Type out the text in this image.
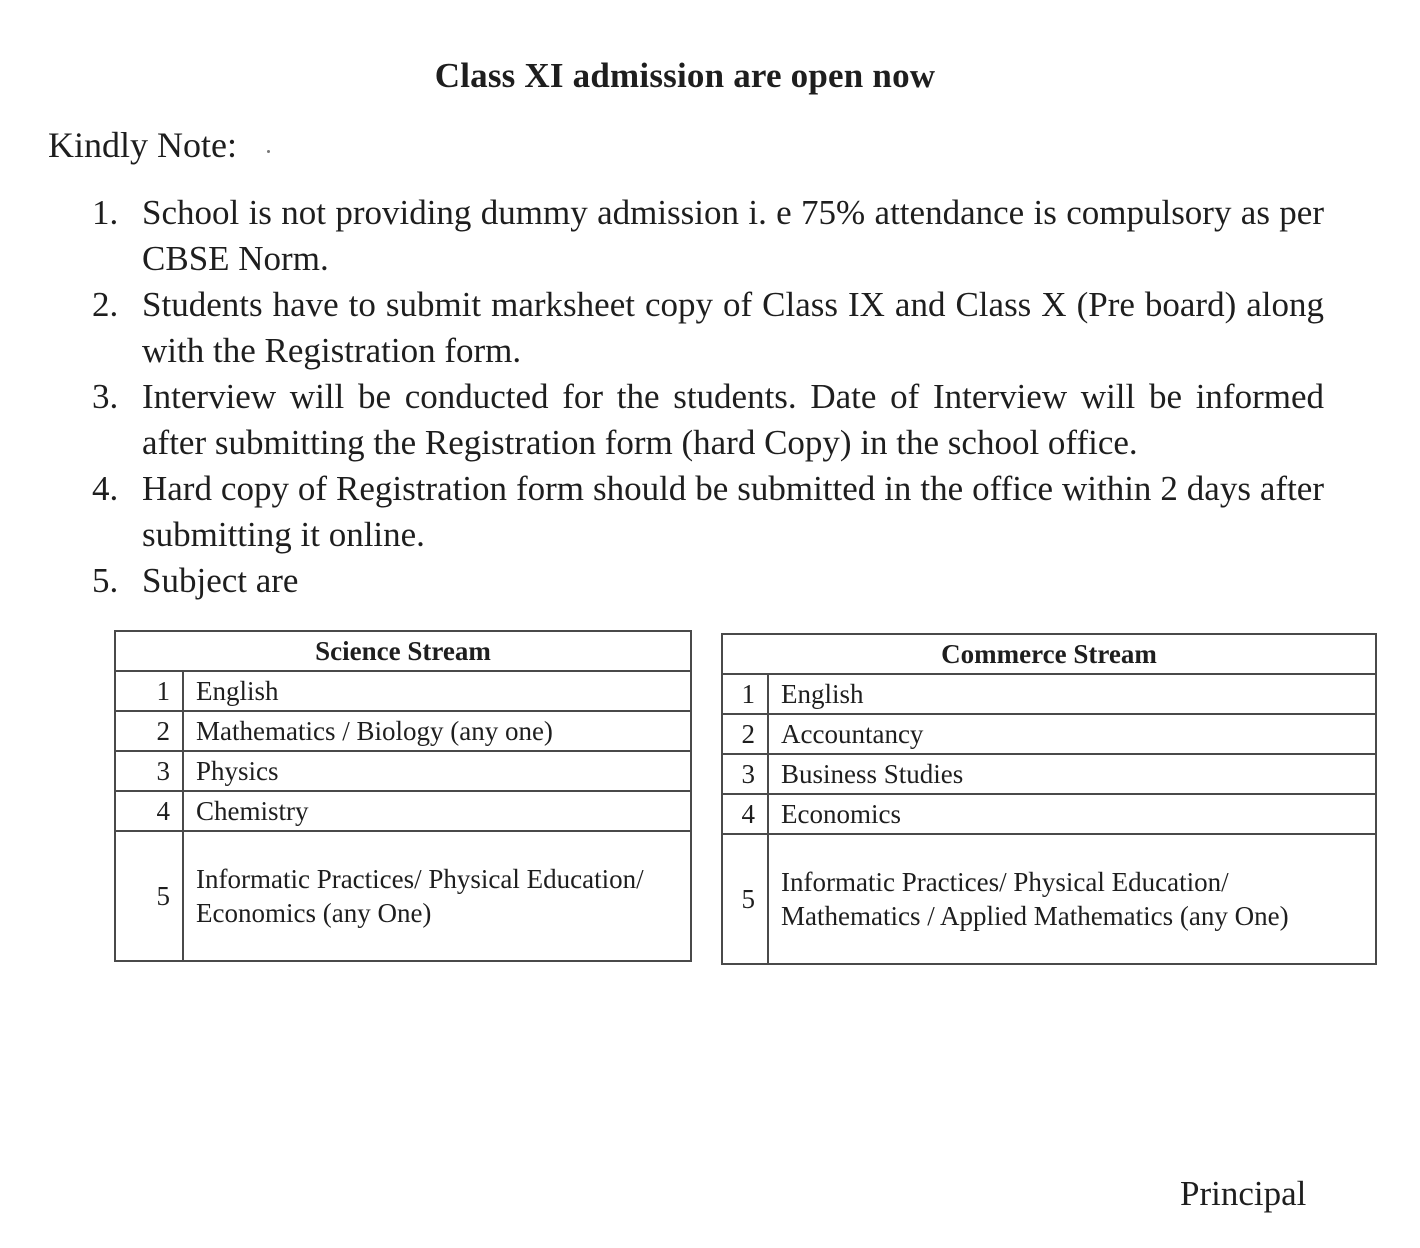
Class XI admission are open now
Kindly Note:
1. School is not providing dummy admission i. e 75% attendance is compulsory as per CBSE Norm.
2. Students have to submit marksheet copy of Class IX and Class X (Pre board) along with the Registration form.
3. Interview will be conducted for the students. Date of Interview will be informed after submitting the Registration form (hard Copy) in the school office.
4. Hard copy of Registration form should be submitted in the office within 2 days after submitting it online.
5. Subject are
Science Stream	
1	English
2	Mathematics / Biology (any one)
3	Physics
4	Chemistry
5	Informatic Practices/ Physical Education/ Economics (any One)
Commerce Stream	
1	English
2	Accountancy
3	Business Studies
4	Economics
5	Informatic Practices/ Physical Education/ Mathematics / Applied Mathematics (any One)
Principal
